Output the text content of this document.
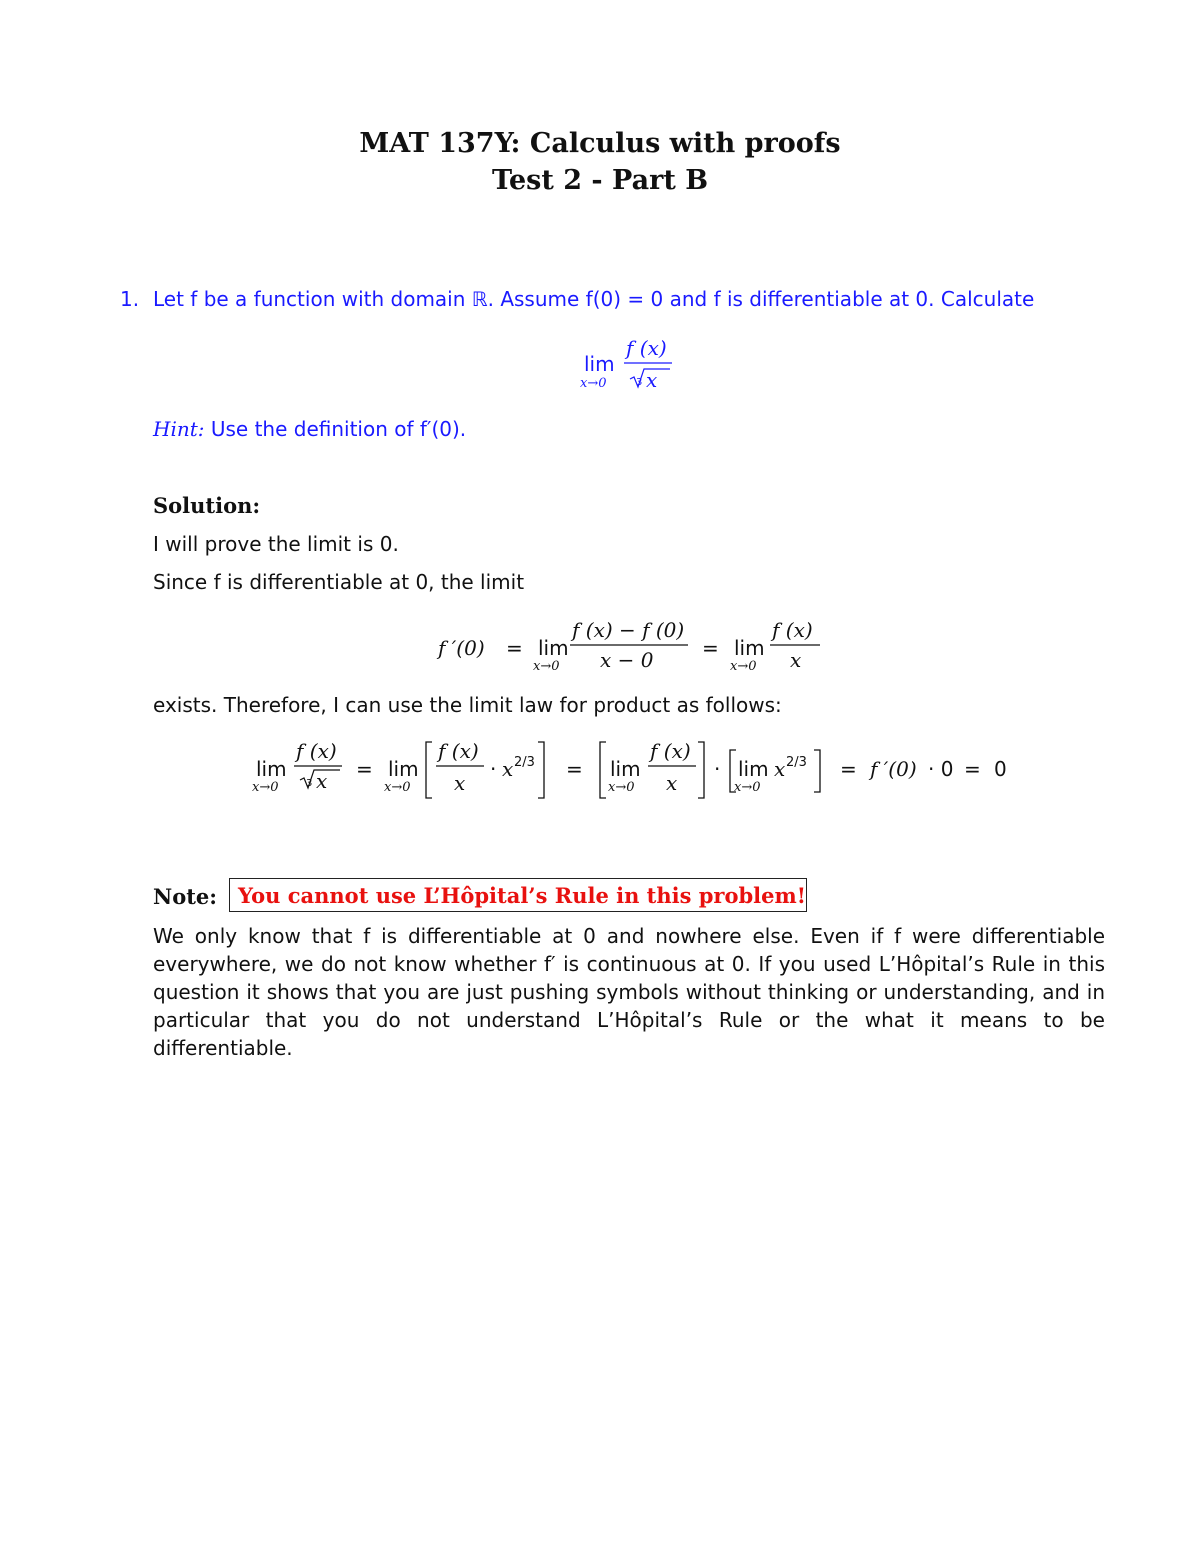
MAT 137Y: Calculus with proofs
Test 2 - Part B
1. Let f be a function with domain ℝ. Assume f(0) = 0 and f is differentiable at 0. Calculate
lim
x→0
f (x)
3 x
Hint: Use the definition of f′(0).
Solution:
I will prove the limit is 0.
Since f is differentiable at 0, the limit
f ′(0) = lim
x→0
f (x) − f (0)
x − 0 = lim
x→0
f (x)
x
exists. Therefore, I can use the limit law for product as follows:
lim
x→0
f (x)
3 x = lim
x→0
f (x)
x
· x 2/3 = lim
x→0
f (x)
x
· lim
x→0
x 2/3 = f ′(0) · 0 = 0
Note: You cannot use L’Hôpital’s Rule in this problem!
We only know that f is differentiable at 0 and nowhere else. Even if f were differentiable everywhere, we do not know whether f′ is continuous at 0. If you used L’Hôpital’s Rule in this question it shows that you are just pushing symbols without thinking or understanding, and in particular that you do not understand L’Hôpital’s Rule or the what it means to be differentiable.
